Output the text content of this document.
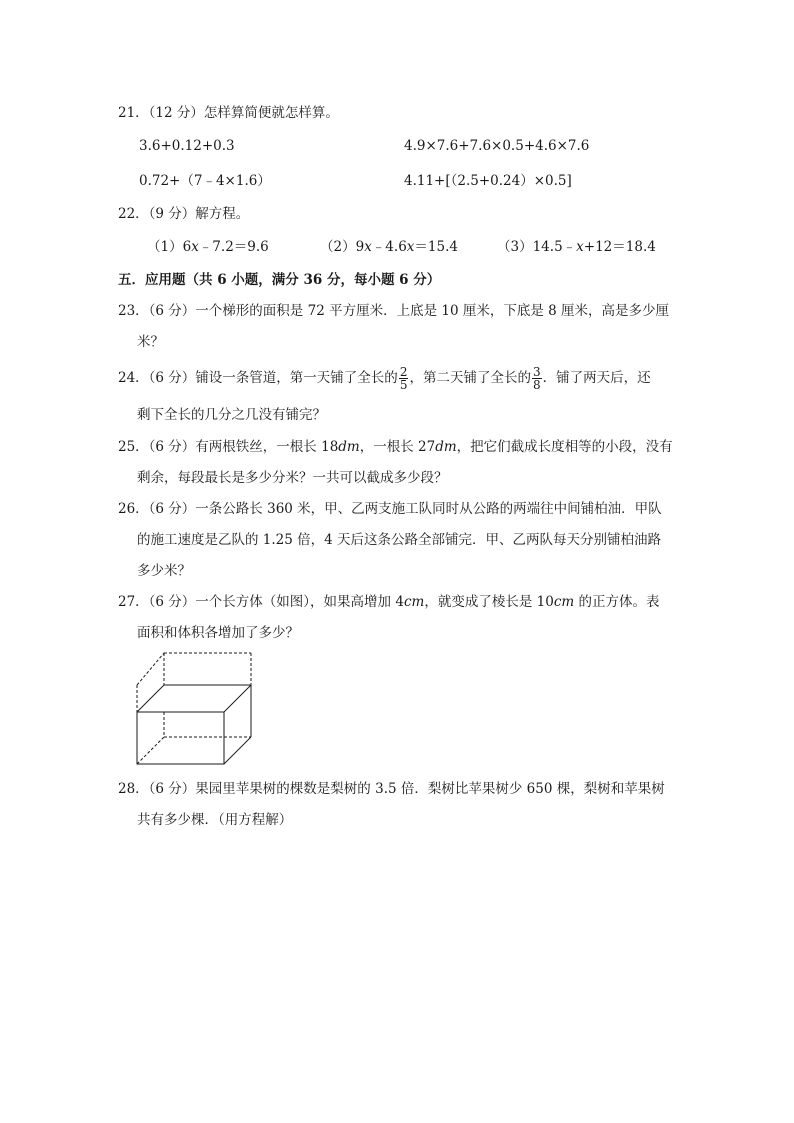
21．（12 分）怎样算简便就怎样算。
3.6+0.12+0.3	4.9×7.6+7.6×0.5+4.6×7.6
0.72+（7﹣4×1.6）	4.11+[（2.5+0.24）×0.5]
22．（9 分）解方程。
（1）6x﹣7.2＝9.6	（2）9x﹣4.6x＝15.4	（3）14.5﹣x+12＝18.4
五．应用题（共 6 小题，满分 36 分，每小题 6 分）
23．（6 分）一个梯形的面积是 72 平方厘米．上底是 10 厘米，下底是 8 厘米，高是多少厘
米？
24．（6 分）铺设一条管道，第一天铺了全长的 $\frac{2}{5}$ ，第二天铺了全长的 $\frac{3}{8}$ ．铺了两天后，还
剩下全长的几分之几没有铺完？
25．（6 分）有两根铁丝，一根长 18dm，一根长 27dm，把它们截成长度相等的小段，没有
剩余，每段最长是多少分米？一共可以截成多少段？
26．（6 分）一条公路长 360 米，甲、乙两支施工队同时从公路的两端往中间铺柏油．甲队
的施工速度是乙队的 1.25 倍，4 天后这条公路全部铺完．甲、乙两队每天分别铺柏油路
多少米？
27．（6 分）一个长方体（如图），如果高增加 4cm，就变成了棱长是 10cm 的正方体。表
面积和体积各增加了多少？
28．（6 分）果园里苹果树的棵数是梨树的 3.5 倍．梨树比苹果树少 650 棵，梨树和苹果树
共有多少棵．（用方程解）
